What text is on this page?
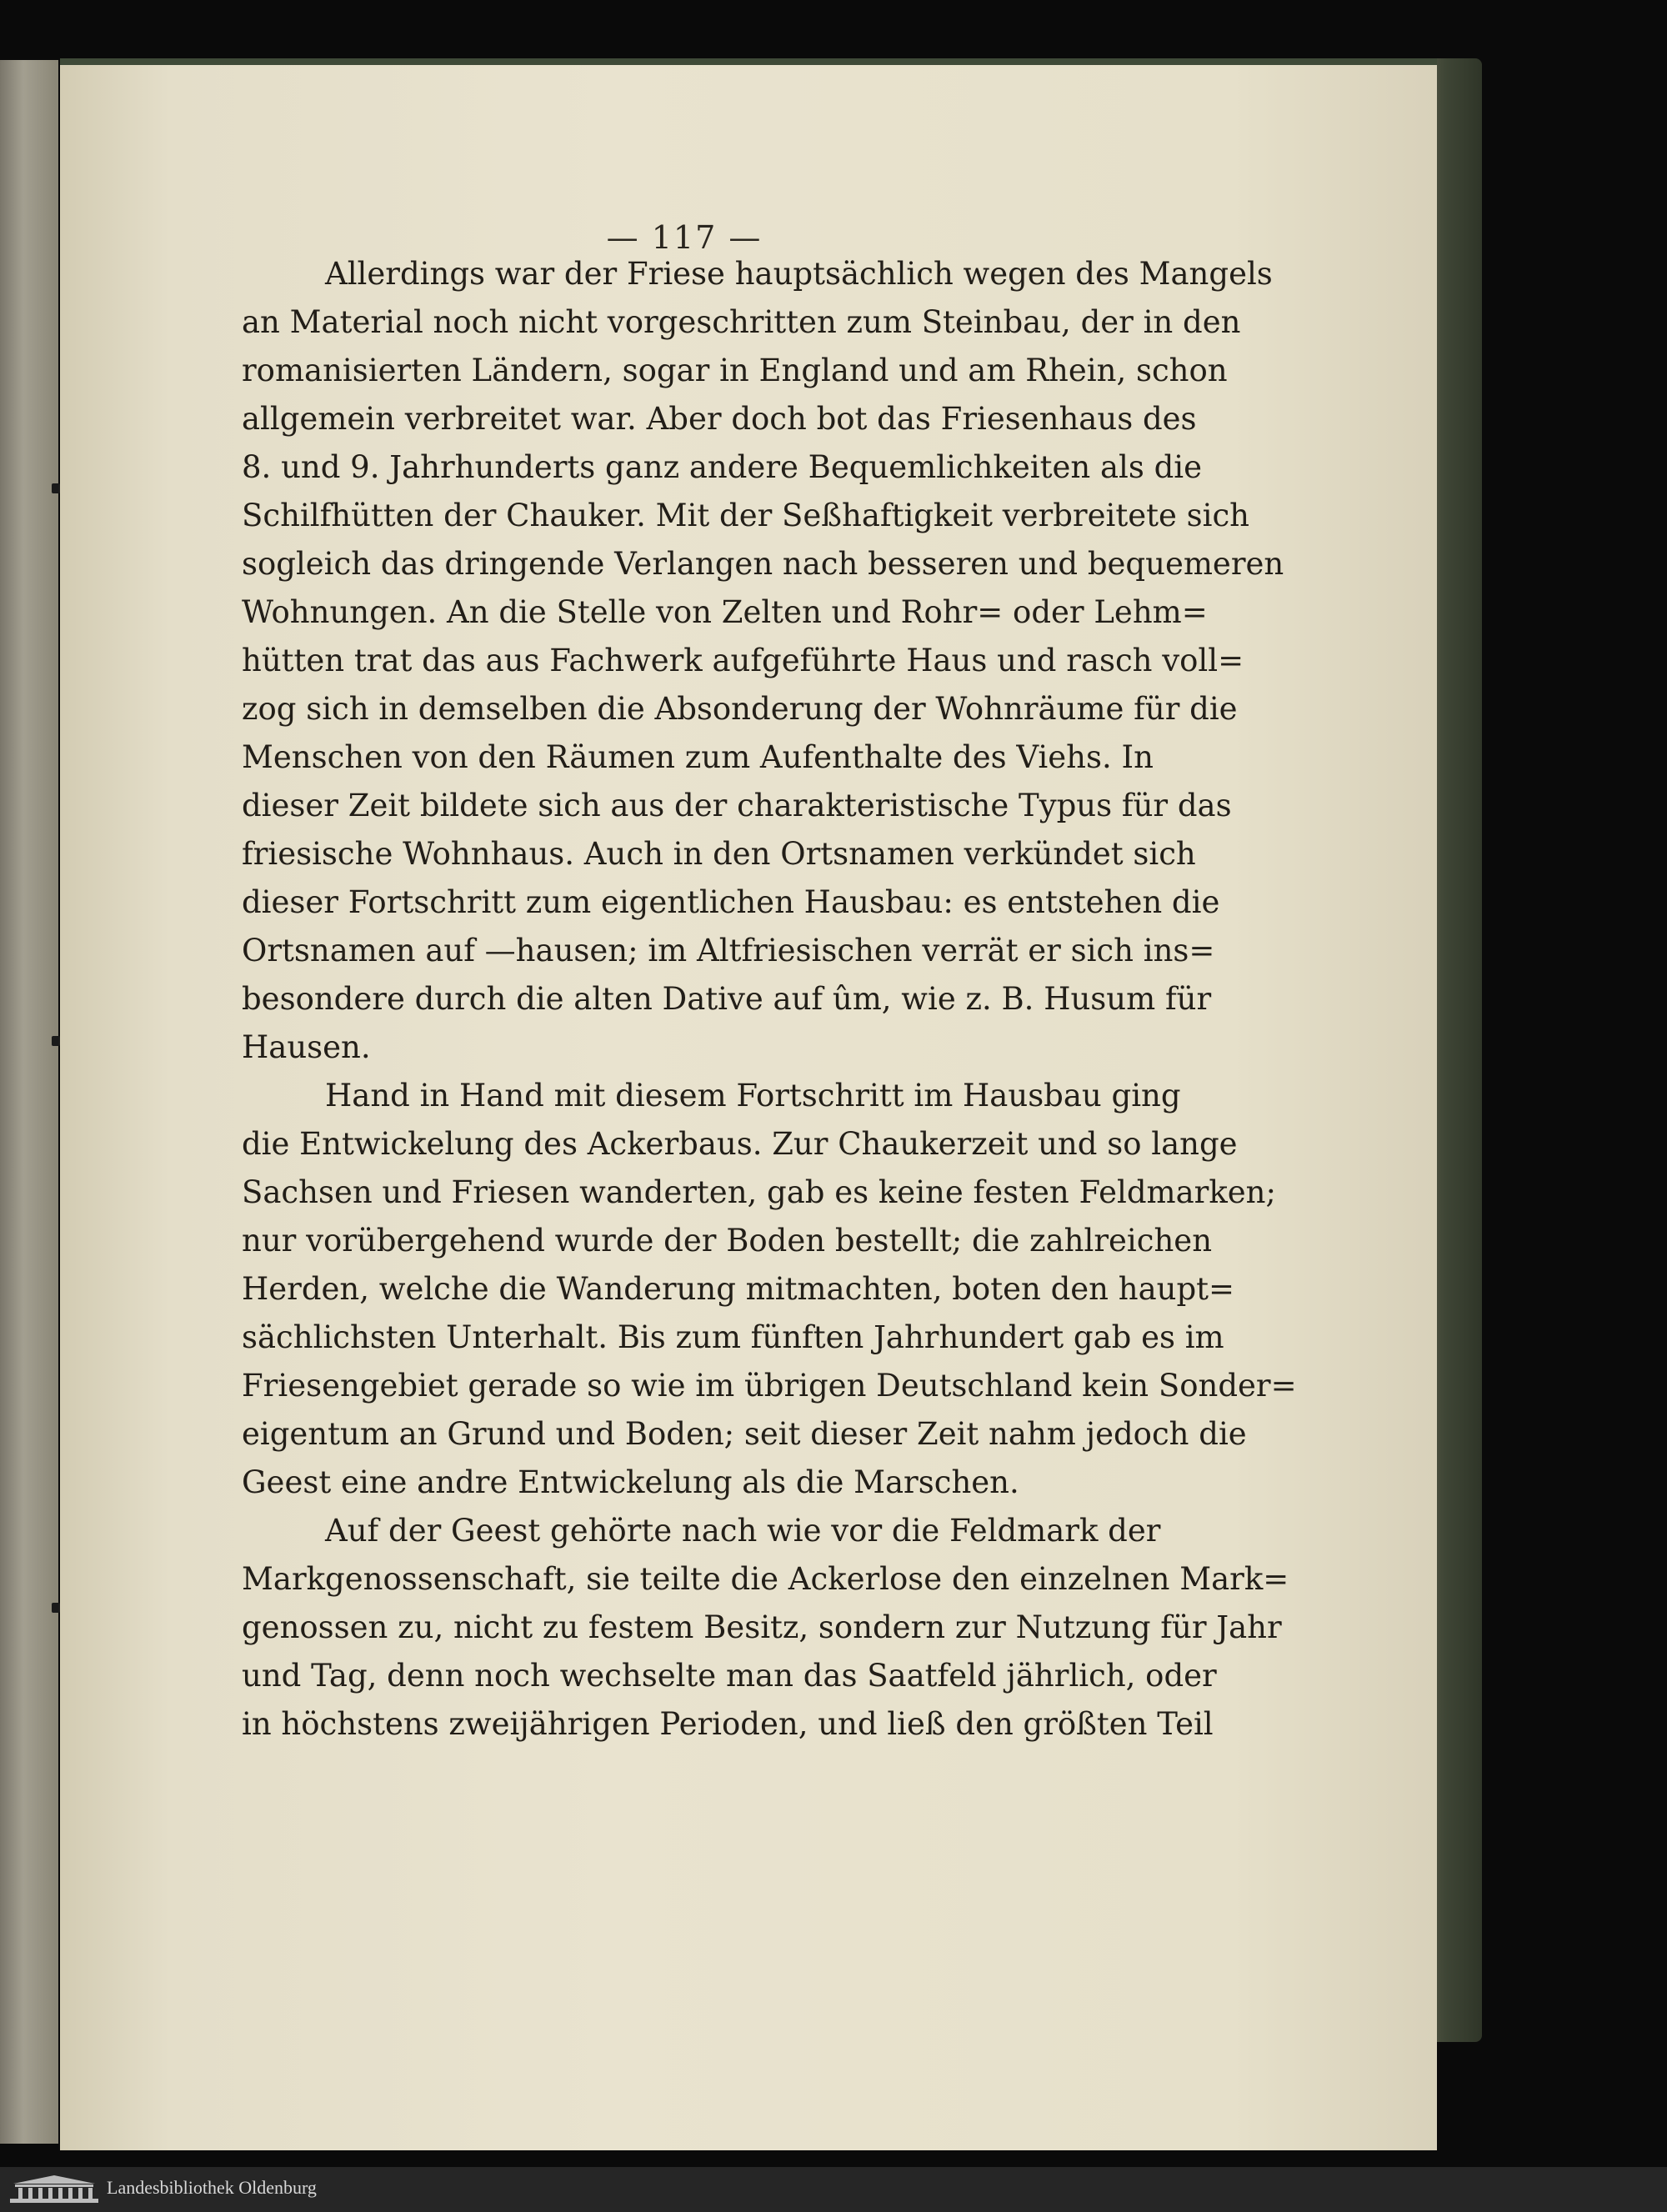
— 117 —
Allerdings war der Friese hauptsächlich wegen des Mangels
an Material noch nicht vorgeschritten zum Steinbau, der in den
romanisierten Ländern, sogar in England und am Rhein, schon
allgemein verbreitet war. Aber doch bot das Friesenhaus des
8. und 9. Jahrhunderts ganz andere Bequemlichkeiten als die
Schilfhütten der Chauker. Mit der Seßhaftigkeit verbreitete sich
sogleich das dringende Verlangen nach besseren und bequemeren
Wohnungen. An die Stelle von Zelten und Rohr= oder Lehm=
hütten trat das aus Fachwerk aufgeführte Haus und rasch voll=
zog sich in demselben die Absonderung der Wohnräume für die
Menschen von den Räumen zum Aufenthalte des Viehs. In
dieser Zeit bildete sich aus der charakteristische Typus für das
friesische Wohnhaus. Auch in den Ortsnamen verkündet sich
dieser Fortschritt zum eigentlichen Hausbau: es entstehen die
Ortsnamen auf —hausen; im Altfriesischen verrät er sich ins=
besondere durch die alten Dative auf ûm, wie z. B. Husum für
Hausen.
Hand in Hand mit diesem Fortschritt im Hausbau ging
die Entwickelung des Ackerbaus. Zur Chaukerzeit und so lange
Sachsen und Friesen wanderten, gab es keine festen Feldmarken;
nur vorübergehend wurde der Boden bestellt; die zahlreichen
Herden, welche die Wanderung mitmachten, boten den haupt=
sächlichsten Unterhalt. Bis zum fünften Jahrhundert gab es im
Friesengebiet gerade so wie im übrigen Deutschland kein Sonder=
eigentum an Grund und Boden; seit dieser Zeit nahm jedoch die
Geest eine andre Entwickelung als die Marschen.
Auf der Geest gehörte nach wie vor die Feldmark der
Markgenossenschaft, sie teilte die Ackerlose den einzelnen Mark=
genossen zu, nicht zu festem Besitz, sondern zur Nutzung für Jahr
und Tag, denn noch wechselte man das Saatfeld jährlich, oder
in höchstens zweijährigen Perioden, und ließ den größten Teil
Landesbibliothek Oldenburg
